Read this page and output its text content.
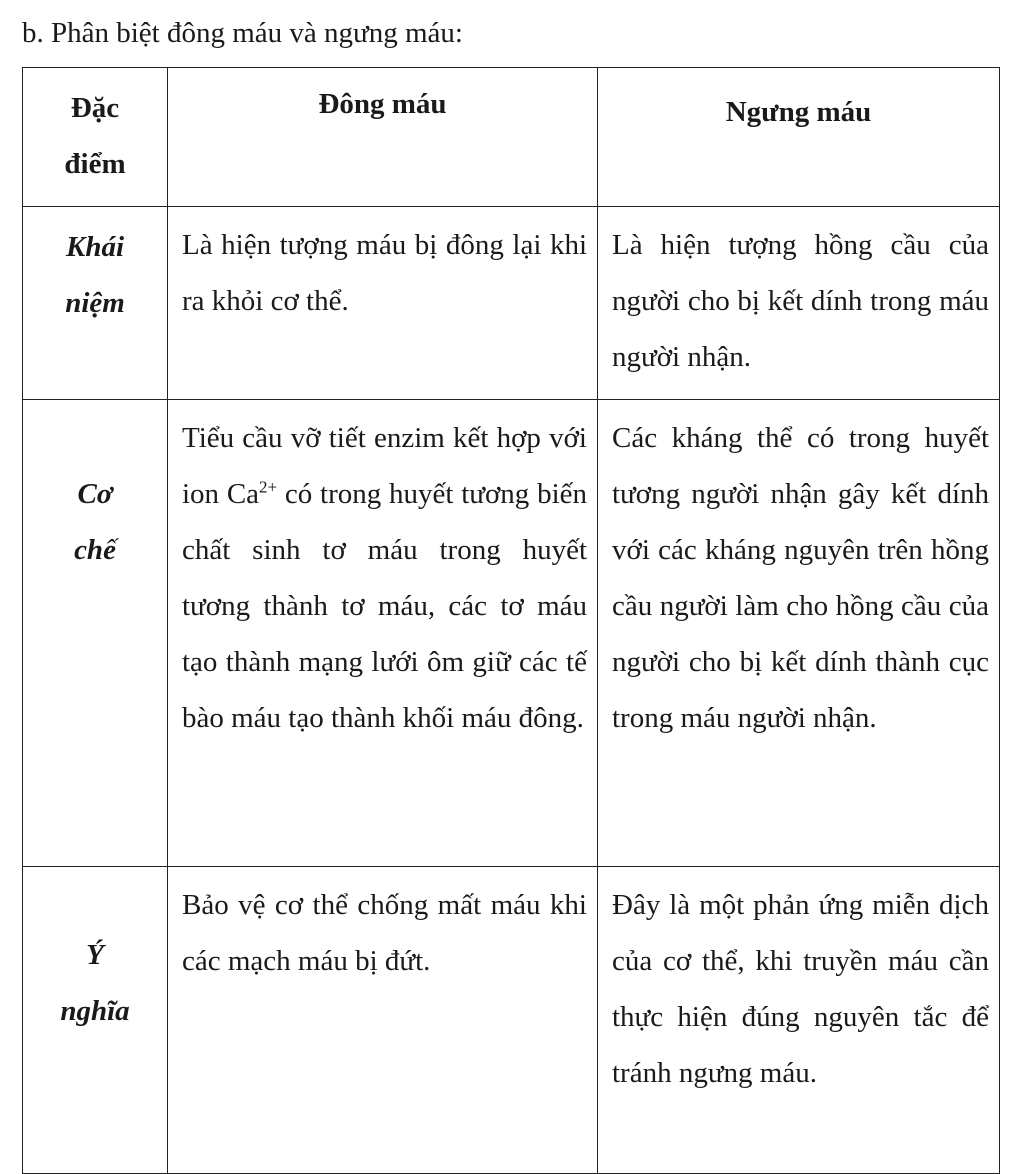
b. Phân biệt đông máu và ngưng máu:
Đặc
điểm	Đông máu	Ngưng máu

Khái
niệm	Là hiện tượng máu bị đông lại khi ra khỏi cơ thể.	Là hiện tượng hồng cầu của người cho bị kết dính trong máu người nhận.

Cơ
chế	Tiểu cầu vỡ tiết enzim kết hợp với ion $Ca^{2+}$ có trong huyết tương biến chất sinh tơ máu trong huyết tương thành tơ máu, các tơ máu tạo thành mạng lưới ôm giữ các tế bào máu tạo thành khối máu đông.	Các kháng thể có trong huyết tương người nhận gây kết dính với các kháng nguyên trên hồng cầu người làm cho hồng cầu của người cho bị kết dính thành cục trong máu người nhận.

Ý
nghĩa	Bảo vệ cơ thể chống mất máu khi các mạch máu bị đứt.	Đây là một phản ứng miễn dịch của cơ thể, khi truyền máu cần thực hiện đúng nguyên tắc để tránh ngưng máu.
